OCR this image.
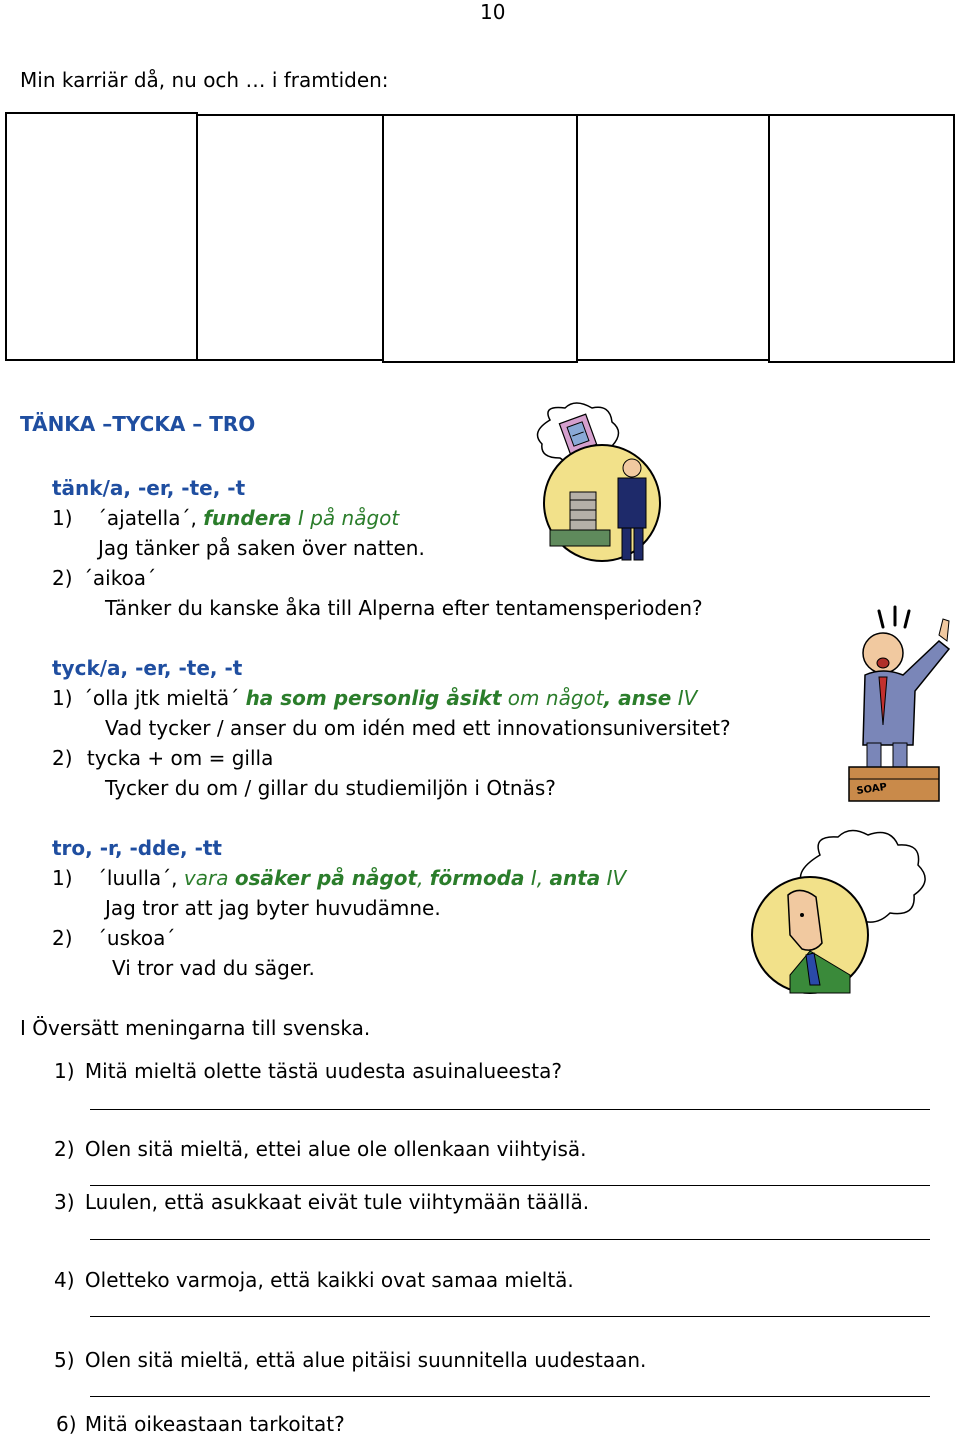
10
Min karriär då, nu och … i framtiden:
TÄNKA –TYCKA – TRO
tänk/a, -er, -te, -t
1) ´ajatella´, fundera I på något
Jag tänker på saken över natten.
2) ´aikoa´
Tänker du kanske åka till Alperna efter tentamensperioden?
tyck/a, -er, -te, -t
1) ´olla jtk mieltä´ ha som personlig åsikt om något, anse IV
Vad tycker / anser du om idén med ett innovationsuniversitet?
2) tycka + om = gilla
Tycker du om / gillar du studiemiljön i Otnäs?
tro, -r, -dde, -tt
1) ´luulla´, vara osäker på något, förmoda I, anta IV
Jag tror att jag byter huvudämne.
2) ´uskoa´
Vi tror vad du säger.
I Översätt meningarna till svenska.
1) Mitä mieltä olette tästä uudesta asuinalueesta?
2) Olen sitä mieltä, ettei alue ole ollenkaan viihtyisä.
3) Luulen, että asukkaat eivät tule viihtymään täällä.
4) Oletteko varmoja, että kaikki ovat samaa mieltä.
5) Olen sitä mieltä, että alue pitäisi suunnitella uudestaan.
6) Mitä oikeastaan tarkoitat?
SOAP
